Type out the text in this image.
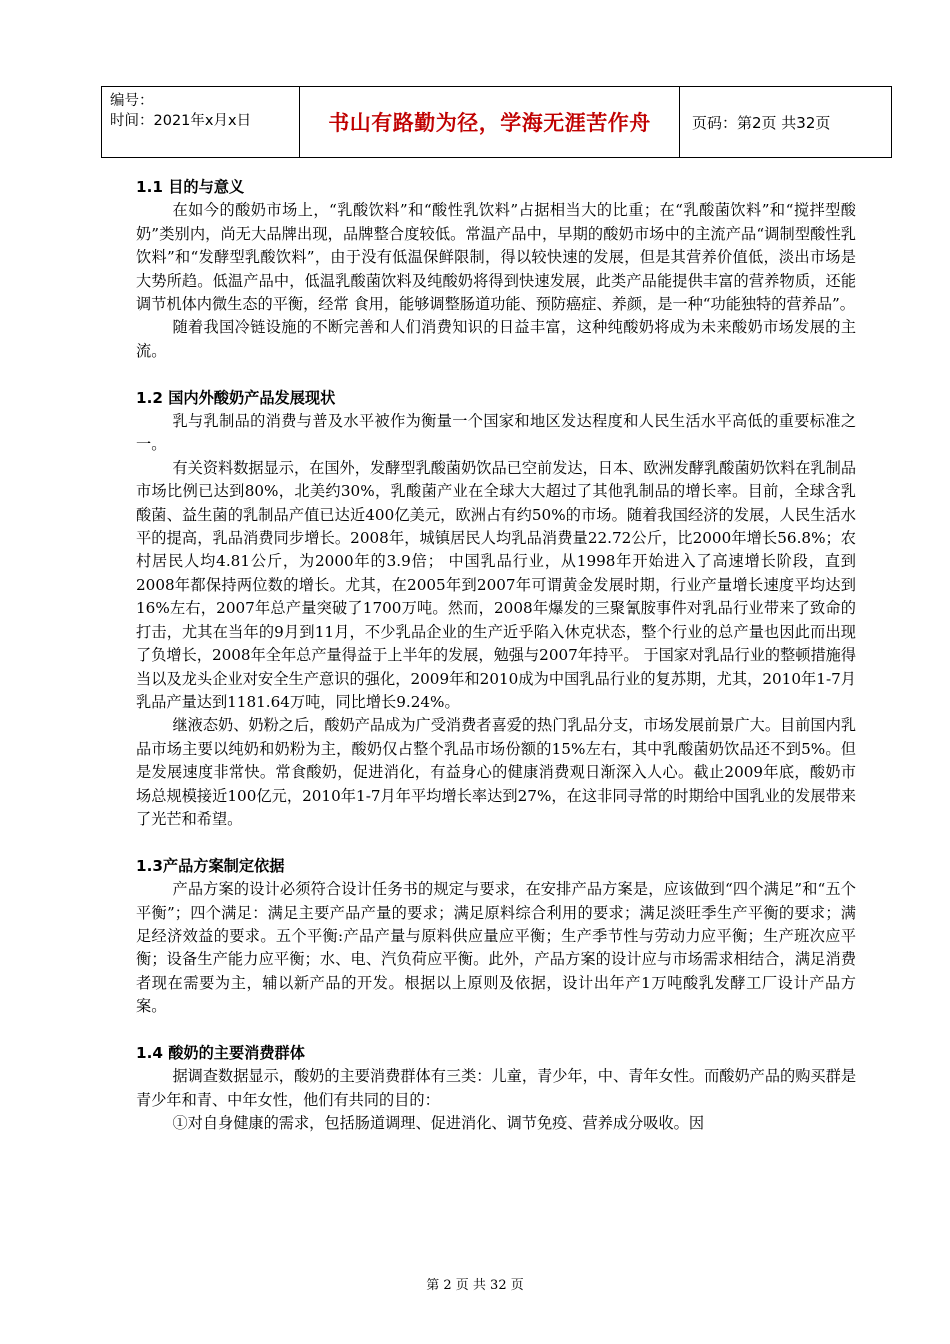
编号：
时间：2021年x月x日	书山有路勤为径，学海无涯苦作舟	页码：第2页 共32页
1.1 目的与意义

在如今的酸奶市场上，“乳酸饮料”和“酸性乳饮料”占据相当大的比重；在“乳酸菌饮料”和“搅拌型酸奶”类别内，尚无大品牌出现，品牌整合度较低。常温产品中，早期的酸奶市场中的主流产品“调制型酸性乳饮料”和“发酵型乳酸饮料”，由于没有低温保鲜限制，得以较快速的发展，但是其营养价值低，淡出市场是大势所趋。低温产品中，低温乳酸菌饮料及纯酸奶将得到快速发展，此类产品能提供丰富的营养物质，还能调节机体内微生态的平衡，经常 食用，能够调整肠道功能、预防癌症、养颜，是一种“功能独特的营养品”。

随着我国冷链设施的不断完善和人们消费知识的日益丰富，这种纯酸奶将成为未来酸奶市场发展的主流。

1.2 国内外酸奶产品发展现状

乳与乳制品的消费与普及水平被作为衡量一个国家和地区发达程度和人民生活水平高低的重要标准之一。

有关资料数据显示，在国外，发酵型乳酸菌奶饮品已空前发达，日本、欧洲发酵乳酸菌奶饮料在乳制品市场比例已达到80%，北美约30%，乳酸菌产业在全球大大超过了其他乳制品的增长率。目前，全球含乳酸菌、益生菌的乳制品产值已达近400亿美元，欧洲占有约50%的市场。随着我国经济的发展，人民生活水平的提高，乳品消费同步增长。2008年，城镇居民人均乳品消费量22.72公斤，比2000年增长56.8%；农村居民人均4.81公斤，为2000年的3.9倍； 中国乳品行业，从1998年开始进入了高速增长阶段，直到2008年都保持两位数的增长。尤其，在2005年到2007年可谓黄金发展时期，行业产量增长速度平均达到16%左右，2007年总产量突破了1700万吨。然而，2008年爆发的三聚氰胺事件对乳品行业带来了致命的打击，尤其在当年的9月到11月，不少乳品企业的生产近乎陷入休克状态，整个行业的总产量也因此而出现了负增长，2008年全年总产量得益于上半年的发展，勉强与2007年持平。 于国家对乳品行业的整顿措施得当以及龙头企业对安全生产意识的强化，2009年和2010成为中国乳品行业的复苏期，尤其，2010年1-7月乳品产量达到1181.64万吨，同比增长9.24%。

继液态奶、奶粉之后，酸奶产品成为广受消费者喜爱的热门乳品分支，市场发展前景广大。目前国内乳品市场主要以纯奶和奶粉为主，酸奶仅占整个乳品市场份额的15%左右，其中乳酸菌奶饮品还不到5%。但是发展速度非常快。常食酸奶，促进消化，有益身心的健康消费观日渐深入人心。截止2009年底，酸奶市场总规模接近100亿元，2010年1-7月年平均增长率达到27%，在这非同寻常的时期给中国乳业的发展带来了光芒和希望。

1.3产品方案制定依据

产品方案的设计必须符合设计任务书的规定与要求，在安排产品方案是，应该做到“四个满足”和“五个平衡”；四个满足：满足主要产品产量的要求；满足原料综合利用的要求；满足淡旺季生产平衡的要求；满足经济效益的要求。五个平衡:产品产量与原料供应量应平衡；生产季节性与劳动力应平衡；生产班次应平衡；设备生产能力应平衡；水、电、汽负荷应平衡。此外，产品方案的设计应与市场需求相结合，满足消费者现在需要为主，辅以新产品的开发。根据以上原则及依据，设计出年产1万吨酸乳发酵工厂设计产品方案。

1.4 酸奶的主要消费群体

据调查数据显示，酸奶的主要消费群体有三类：儿童，青少年，中、青年女性。而酸奶产品的购买群是青少年和青、中年女性，他们有共同的目的：

①对自身健康的需求，包括肠道调理、促进消化、调节免疫、营养成分吸收。因

第 2 页 共 32 页
